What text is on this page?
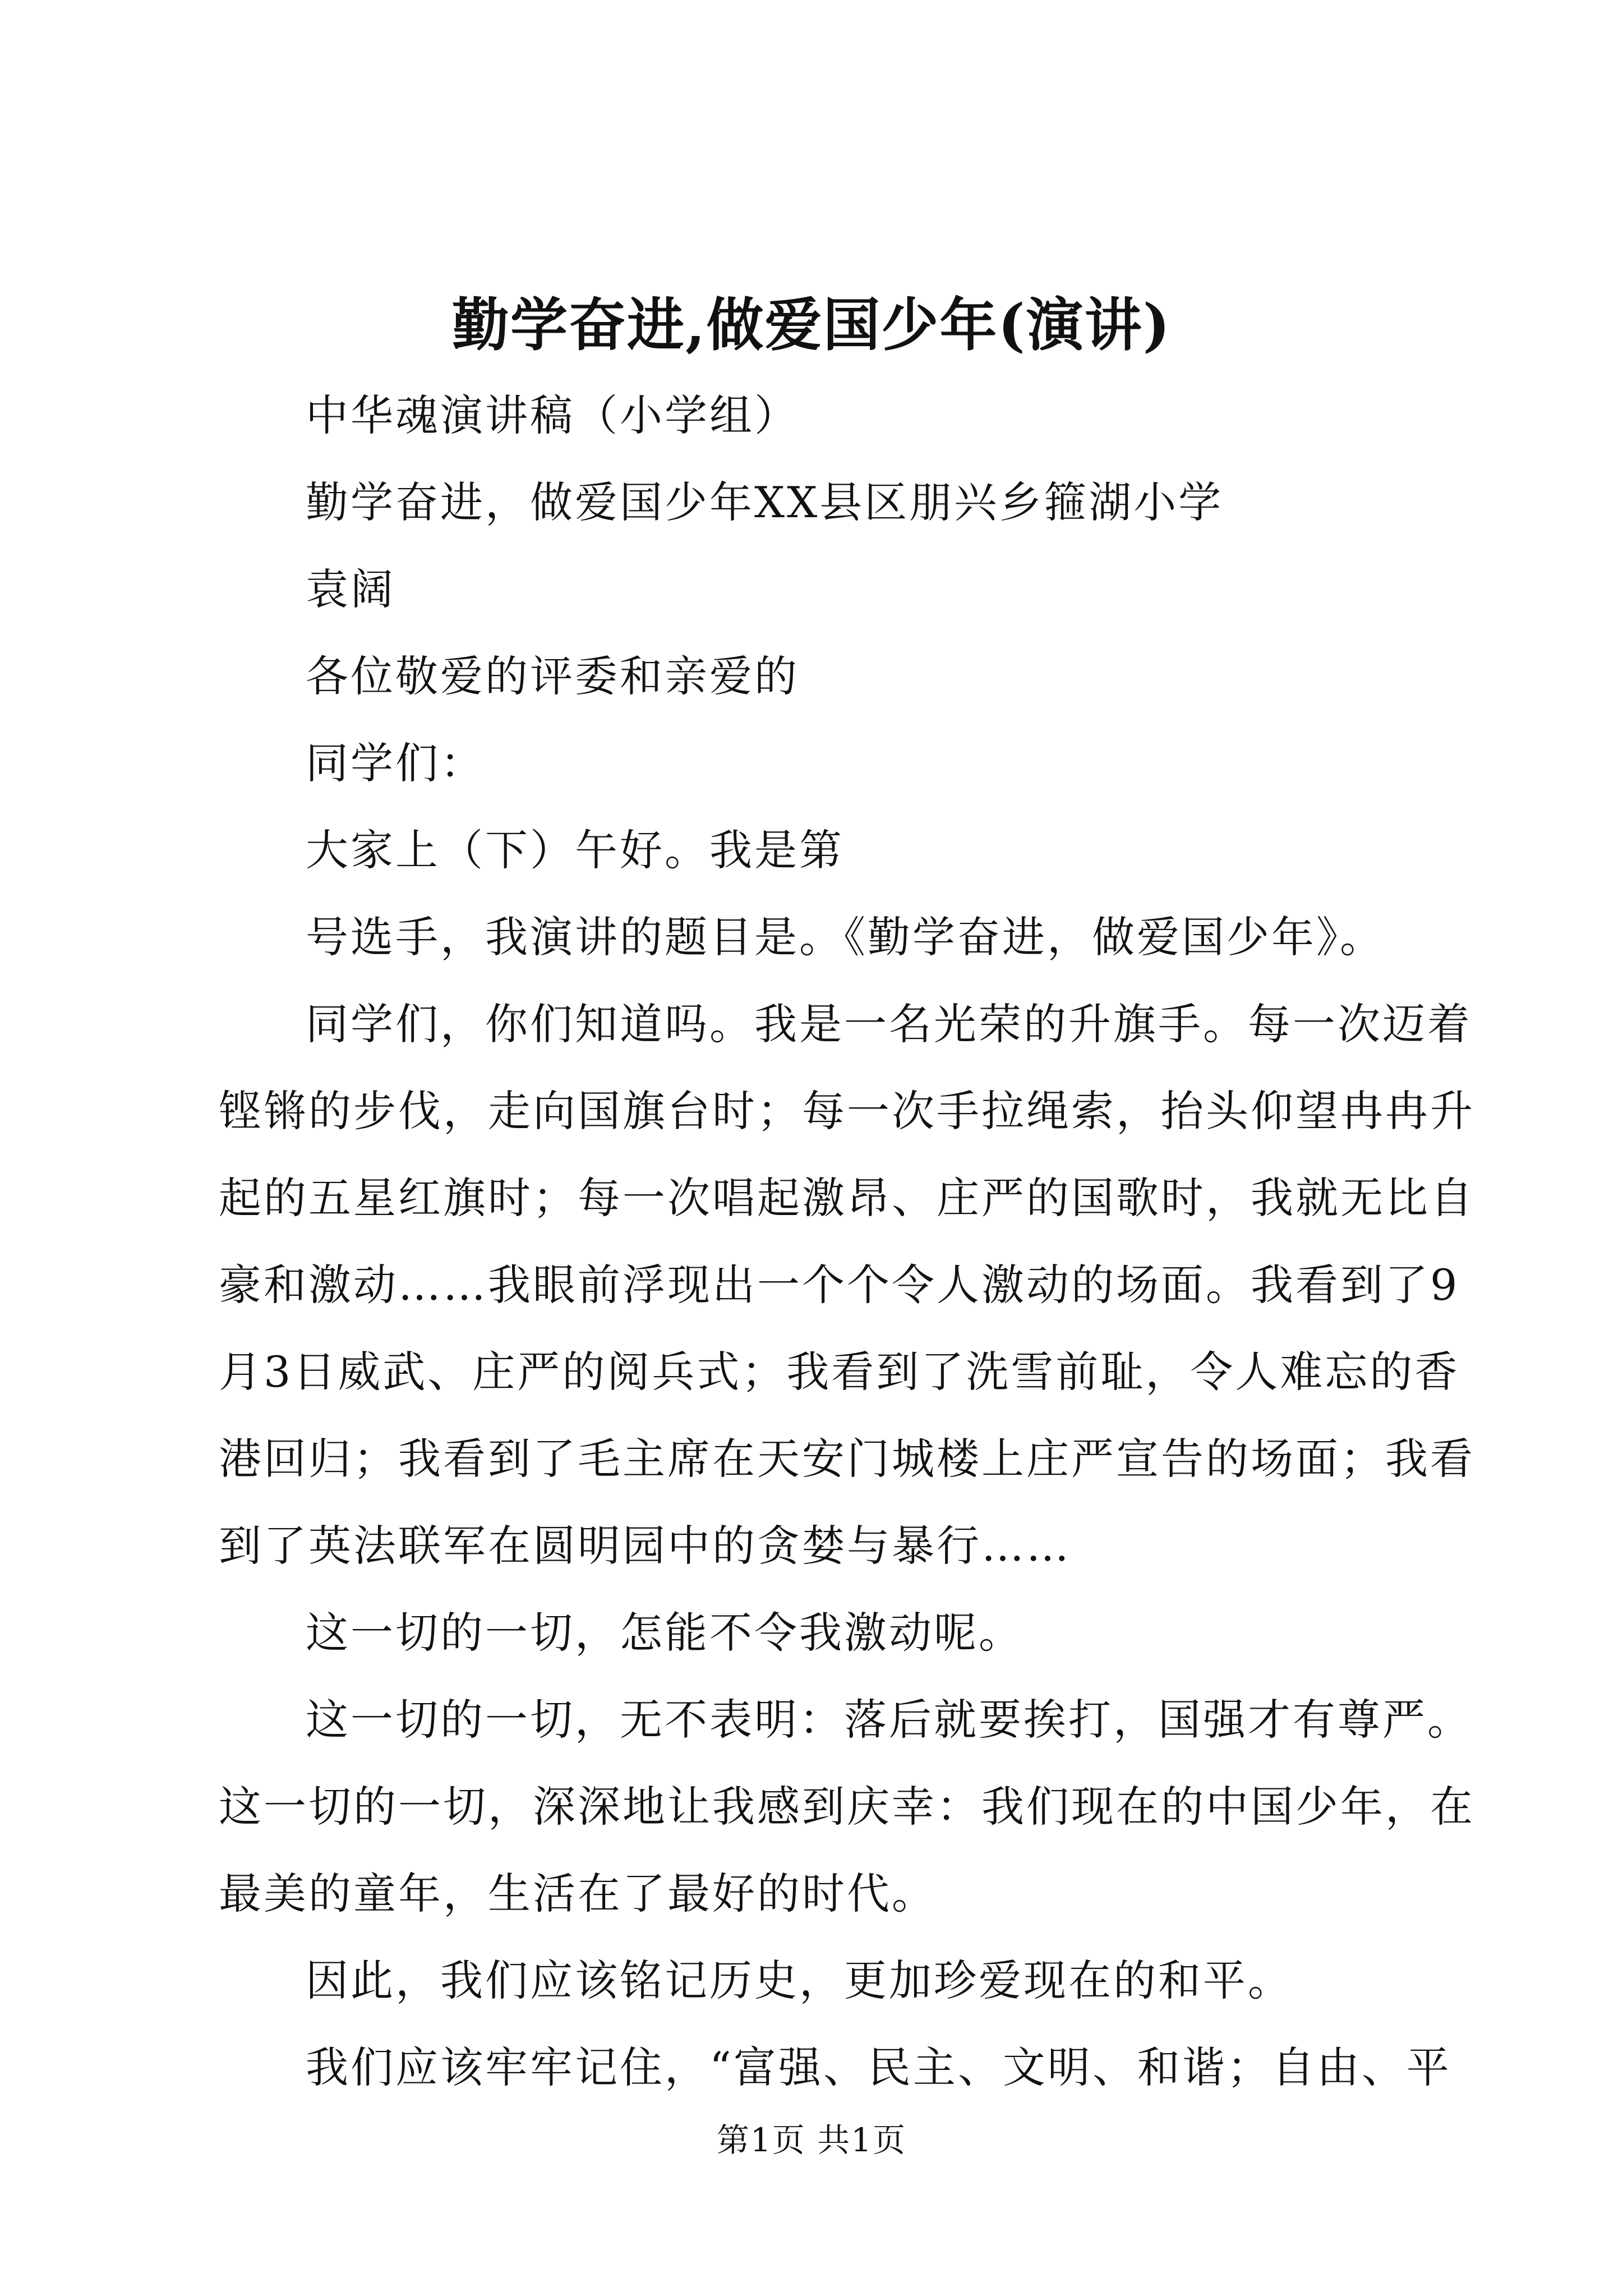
勤学奋进,做爱国少年(演讲)
中华魂演讲稿（小学组）
勤学奋进，做爱国少年XX县区朋兴乡箍湖小学
袁阔
各位敬爱的评委和亲爱的
同学们：
大家上（下）午好。我是第
号选手，我演讲的题目是。《勤学奋进，做爱国少年》。
同学们，你们知道吗。我是一名光荣的升旗手。每一次迈着
铿锵的步伐，走向国旗台时；每一次手拉绳索，抬头仰望冉冉升
起的五星红旗时；每一次唱起激昂、庄严的国歌时，我就无比自
豪和激动……我眼前浮现出一个个令人激动的场面。我看到了9
月3日威武、庄严的阅兵式；我看到了洗雪前耻，令人难忘的香
港回归；我看到了毛主席在天安门城楼上庄严宣告的场面；我看
到了英法联军在圆明园中的贪婪与暴行……
这一切的一切，怎能不令我激动呢。
这一切的一切，无不表明：落后就要挨打，国强才有尊严。
这一切的一切，深深地让我感到庆幸：我们现在的中国少年，在
最美的童年，生活在了最好的时代。
因此，我们应该铭记历史，更加珍爱现在的和平。
我们应该牢牢记住，“富强、民主、文明、和谐；自由、平
第1页 共1页
